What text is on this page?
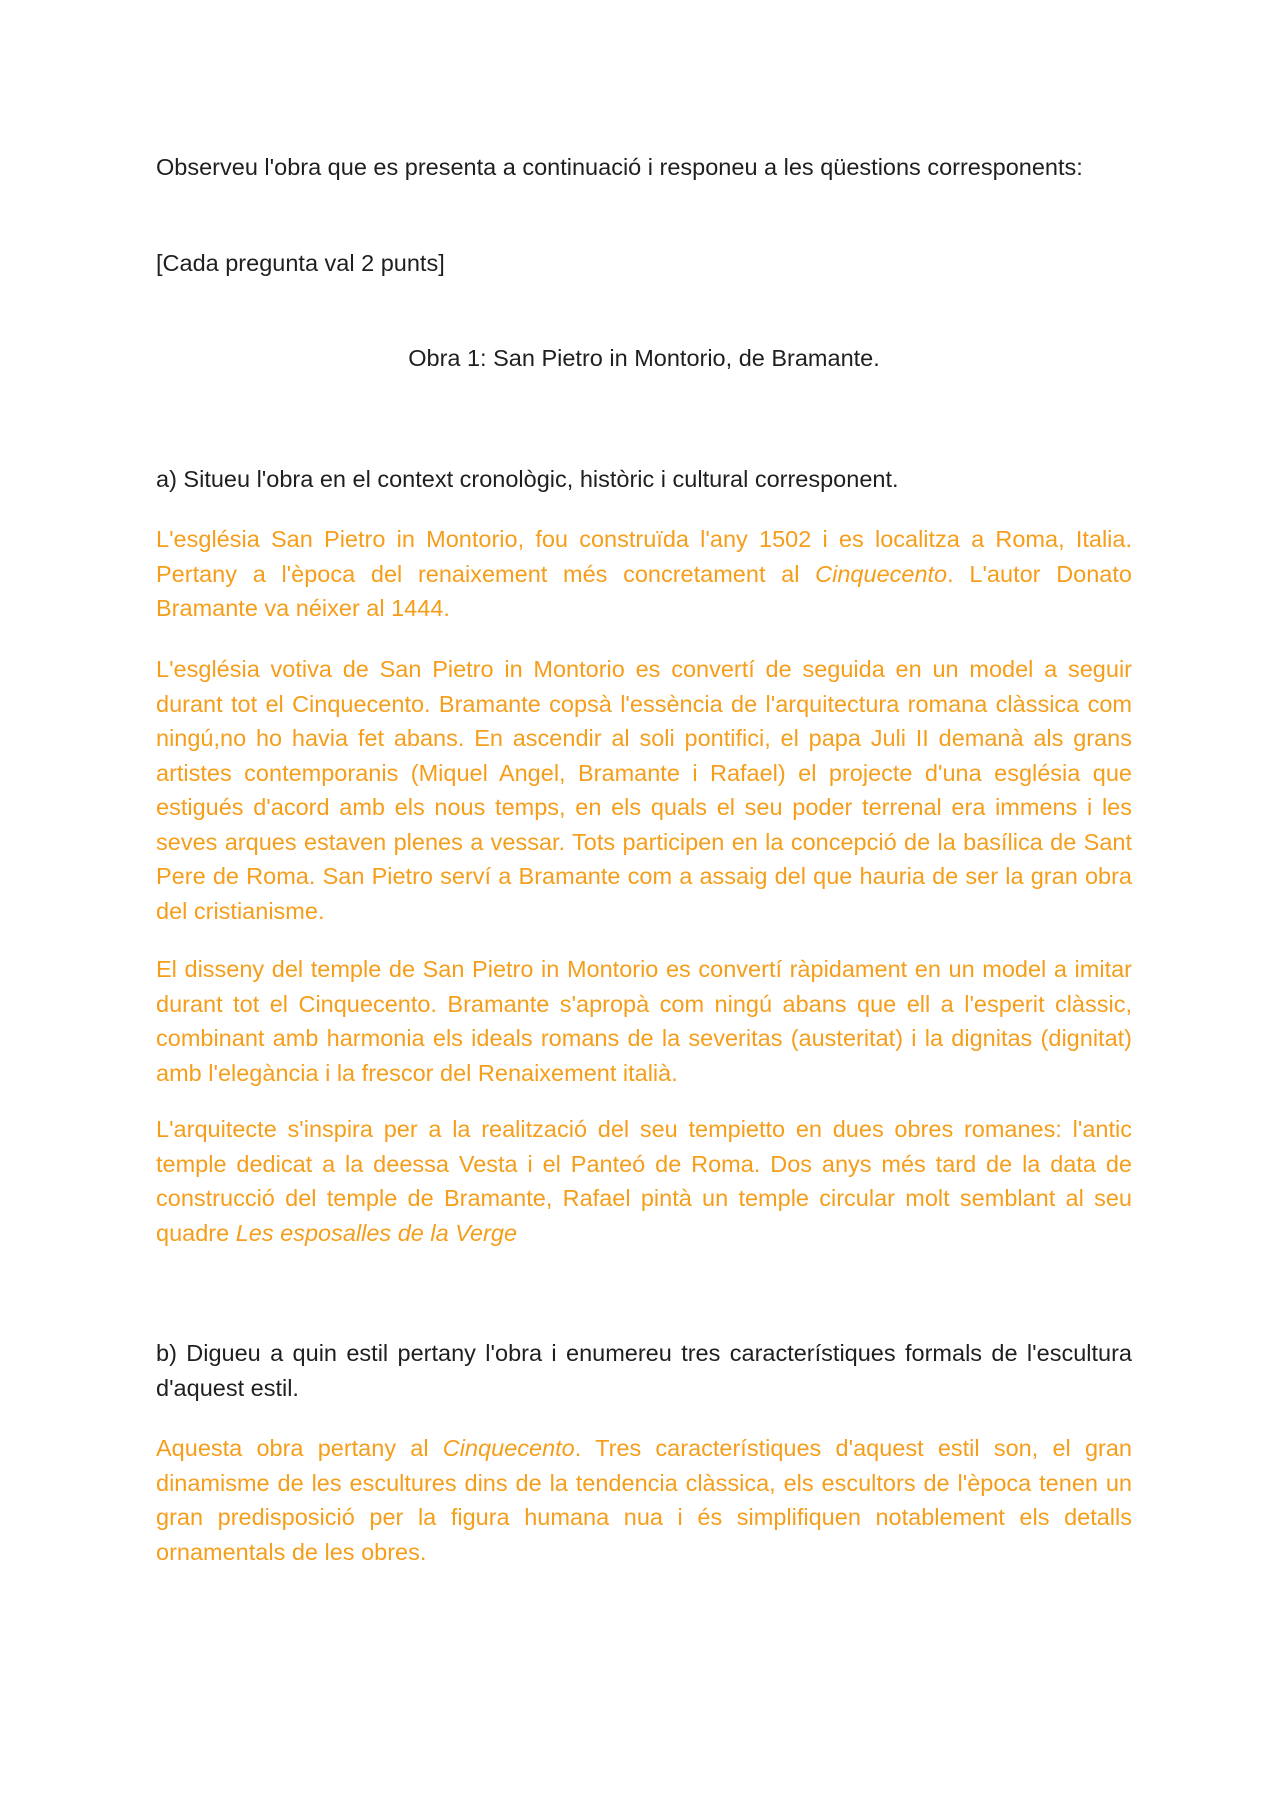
Observeu l'obra que es presenta a continuació i responeu a les qüestions corresponents:

[Cada pregunta val 2 punts]

Obra 1: San Pietro in Montorio, de Bramante.

a) Situeu l'obra en el context cronològic, històric i cultural corresponent.

L'església San Pietro in Montorio, fou construïda l'any 1502 i es localitza a Roma, Italia. Pertany a l'època del renaixement més concretament al Cinquecento. L'autor Donato Bramante va néixer al 1444.

L'església votiva de San Pietro in Montorio es convertí de seguida en un model a seguir durant tot el Cinquecento. Bramante copsà l'essència de l'arquitectura romana clàssica com ningú,no ho havia fet abans. En ascendir al soli pontifici, el papa Juli II demanà als grans artistes contemporanis (Miquel Angel, Bramante i Rafael) el projecte d'una església que estigués d'acord amb els nous temps, en els quals el seu poder terrenal era immens i les seves arques estaven plenes a vessar. Tots participen en la concepció de la basílica de Sant Pere de Roma. San Pietro serví a Bramante com a assaig del que hauria de ser la gran obra del cristianisme.

El disseny del temple de San Pietro in Montorio es convertí ràpidament en un model a imitar durant tot el Cinquecento. Bramante s'apropà com ningú abans que ell a l'esperit clàssic, combinant amb harmonia els ideals romans de la severitas (austeritat) i la dignitas (dignitat) amb l'elegància i la frescor del Renaixement italià.

L'arquitecte s'inspira per a la realització del seu tempietto en dues obres romanes: l'antic temple dedicat a la deessa Vesta i el Panteó de Roma. Dos anys més tard de la data de construcció del temple de Bramante, Rafael pintà un temple circular molt semblant al seu quadre Les esposalles de la Verge

b) Digueu a quin estil pertany l'obra i enumereu tres característiques formals de l'escultura d'aquest estil.

Aquesta obra pertany al Cinquecento. Tres característiques d'aquest estil son, el gran dinamisme de les escultures dins de la tendencia clàssica, els escultors de l'època tenen un gran predisposició per la figura humana nua i és simplifiquen notablement els detalls ornamentals de les obres.
